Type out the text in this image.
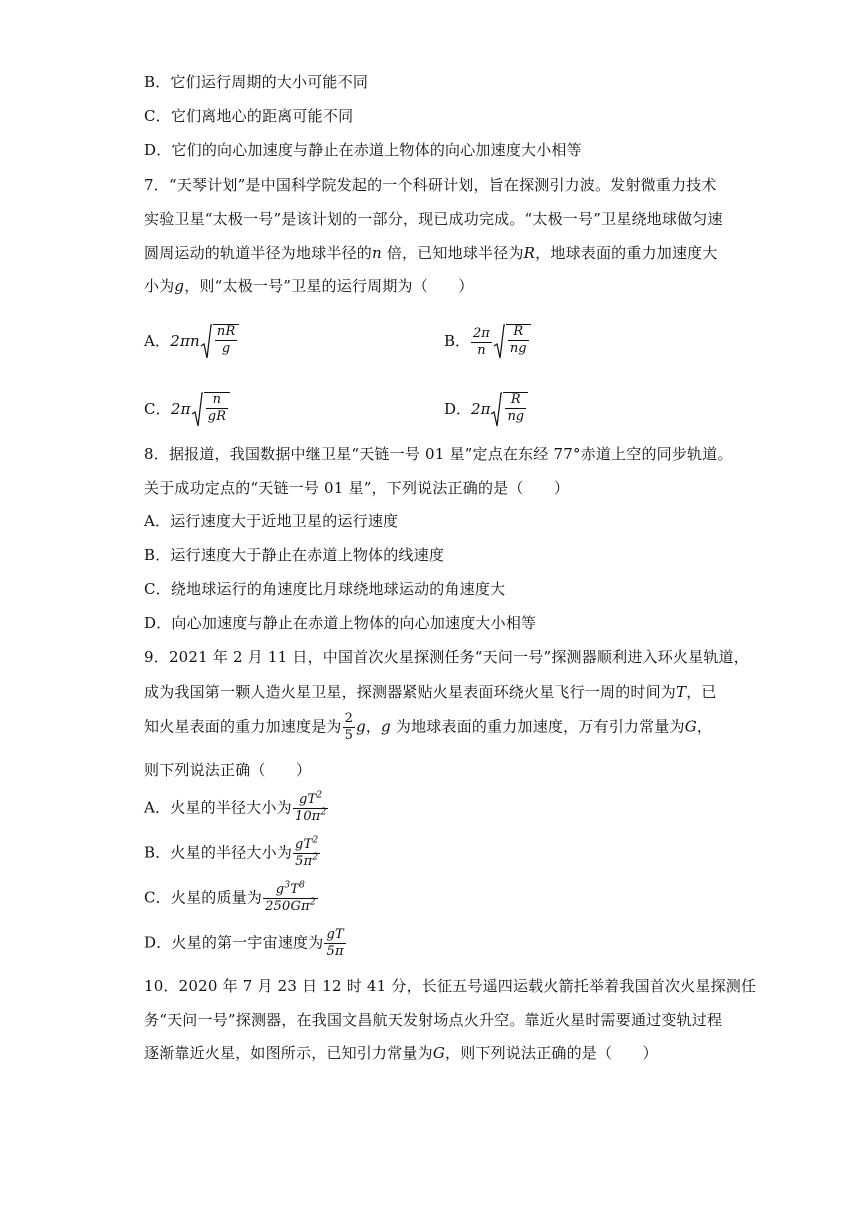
B．它们运行周期的大小可能不同
C．它们离地心的距离可能不同
D．它们的向心加速度与静止在赤道上物体的向心加速度大小相等
7．“天琴计划”是中国科学院发起的一个科研计划，旨在探测引力波。发射微重力技术
实验卫星“太极一号”是该计划的一部分，现已成功完成。“太极一号”卫星绕地球做匀速
圆周运动的轨道半径为地球半径的n 倍，已知地球半径为R，地球表面的重力加速度大
小为g，则“太极一号”卫星的运行周期为（　　）
A．$2\pi n \frac{nR}{g}$	B． $\frac{2\pi}{n} \frac{R}{ng}$
C．$2\pi \frac{n}{gR}$	D．$2\pi \frac{R}{ng}$
8．据报道，我国数据中继卫星“天链一号 01 星”定点在东经 77°赤道上空的同步轨道。
关于成功定点的“天链一号 01 星”，下列说法正确的是（　　）
A．运行速度大于近地卫星的运行速度
B．运行速度大于静止在赤道上物体的线速度
C．绕地球运行的角速度比月球绕地球运动的角速度大
D．向心加速度与静止在赤道上物体的向心加速度大小相等
9．2021 年 2 月 11 日，中国首次火星探测任务“天问一号”探测器顺利进入环火星轨道，
成为我国第一颗人造火星卫星，探测器紧贴火星表面环绕火星飞行一周的时间为T，已
知火星表面的重力加速度是为 $\frac{2}{5}$ g，g 为地球表面的重力加速度，万有引力常量为G，
则下列说法正确（　　）
A．火星的半径大小为 $\frac{gT^2}{10\pi^2}$
B．火星的半径大小为 $\frac{gT^2}{5\pi^2}$
C．火星的质量为 $\frac{g^3T^8}{250G\pi^2}$
D．火星的第一宇宙速度为 $\frac{gT}{5\pi}$
10．2020 年 7 月 23 日 12 时 41 分，长征五号遥四运载火箭托举着我国首次火星探测任
务“天问一号”探测器，在我国文昌航天发射场点火升空。靠近火星时需要通过变轨过程
逐渐靠近火星，如图所示，已知引力常量为G，则下列说法正确的是（　　）
